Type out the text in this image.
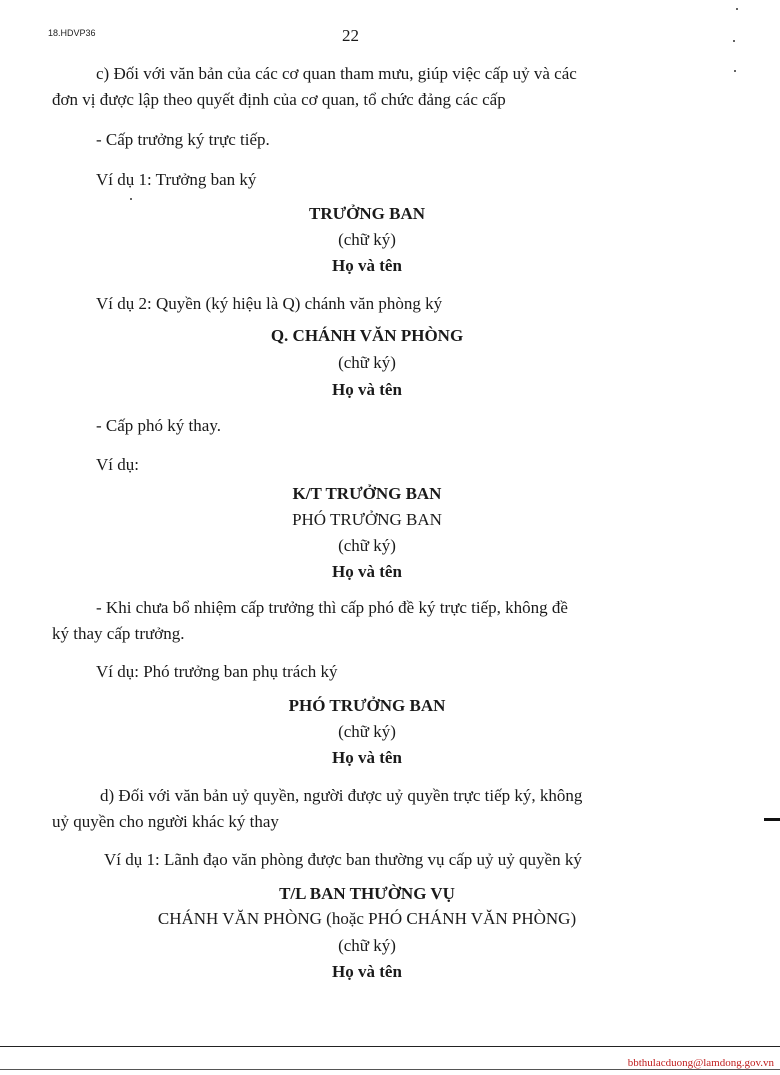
18.HDVP36	22
c) Đối với văn bản của các cơ quan tham mưu, giúp việc cấp uỷ và các
đơn vị được lập theo quyết định của cơ quan, tổ chức đảng các cấp
- Cấp trưởng ký trực tiếp.
Ví dụ 1: Trưởng ban ký
TRƯỞNG BAN
(chữ ký)
Họ và tên
Ví dụ 2: Quyền (ký hiệu là Q) chánh văn phòng ký
Q. CHÁNH VĂN PHÒNG
(chữ ký)
Họ và tên
- Cấp phó ký thay.
Ví dụ:
K/T TRƯỞNG BAN
PHÓ TRƯỞNG BAN
(chữ ký)
Họ và tên
- Khi chưa bổ nhiệm cấp trưởng thì cấp phó đề ký trực tiếp, không đề
ký thay cấp trưởng.
Ví dụ: Phó trưởng ban phụ trách ký
PHÓ TRƯỞNG BAN
(chữ ký)
Họ và tên
d) Đối với văn bản uỷ quyền, người được uỷ quyền trực tiếp ký, không
uỷ quyền cho người khác ký thay
Ví dụ 1: Lãnh đạo văn phòng được ban thường vụ cấp uỷ uỷ quyền ký
T/L BAN THƯỜNG VỤ
CHÁNH VĂN PHÒNG (hoặc PHÓ CHÁNH VĂN PHÒNG)
(chữ ký)
Họ và tên
bbthulacduong@lamdong.gov.vn
